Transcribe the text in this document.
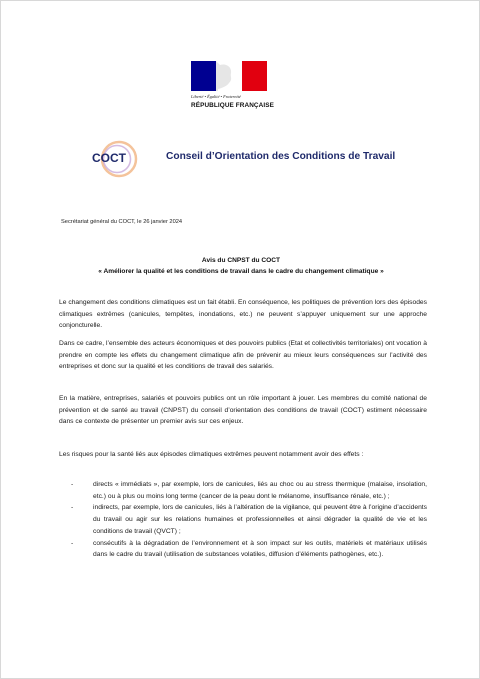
Liberté • Égalité • Fraternité
RÉPUBLIQUE FRANÇAISE
COCT	Conseil d’Orientation des Conditions de Travail
Secrétariat général du COCT, le 26 janvier 2024
Avis du CNPST du COCT
« Améliorer la qualité et les conditions de travail dans le cadre du changement climatique »
Le changement des conditions climatiques est un fait établi. En conséquence, les politiques de prévention lors des épisodes climatiques extrêmes (canicules, tempêtes, inondations, etc.) ne peuvent s’appuyer uniquement sur une approche conjoncturelle.
Dans ce cadre, l’ensemble des acteurs économiques et des pouvoirs publics (Etat et collectivités territoriales) ont vocation à prendre en compte les effets du changement climatique afin de prévenir au mieux leurs conséquences sur l’activité des entreprises et donc sur la qualité et les conditions de travail des salariés.
En la matière, entreprises, salariés et pouvoirs publics ont un rôle important à jouer. Les membres du comité national de prévention et de santé au travail (CNPST) du conseil d’orientation des conditions de travail (COCT) estiment nécessaire dans ce contexte de présenter un premier avis sur ces enjeux.
Les risques pour la santé liés aux épisodes climatiques extrêmes peuvent notamment avoir des effets :
-	directs « immédiats », par exemple, lors de canicules, liés au choc ou au stress thermique (malaise, insolation, etc.) ou à plus ou moins long terme (cancer de la peau dont le mélanome, insuffisance rénale, etc.) ;
-	indirects, par exemple, lors de canicules, liés à l’altération de la vigilance, qui peuvent être à l’origine d’accidents du travail ou agir sur les relations humaines et professionnelles et ainsi dégrader la qualité de vie et les conditions de travail (QVCT) ;
-	consécutifs à la dégradation de l’environnement et à son impact sur les outils, matériels et matériaux utilisés dans le cadre du travail (utilisation de substances volatiles, diffusion d’éléments pathogènes, etc.).
